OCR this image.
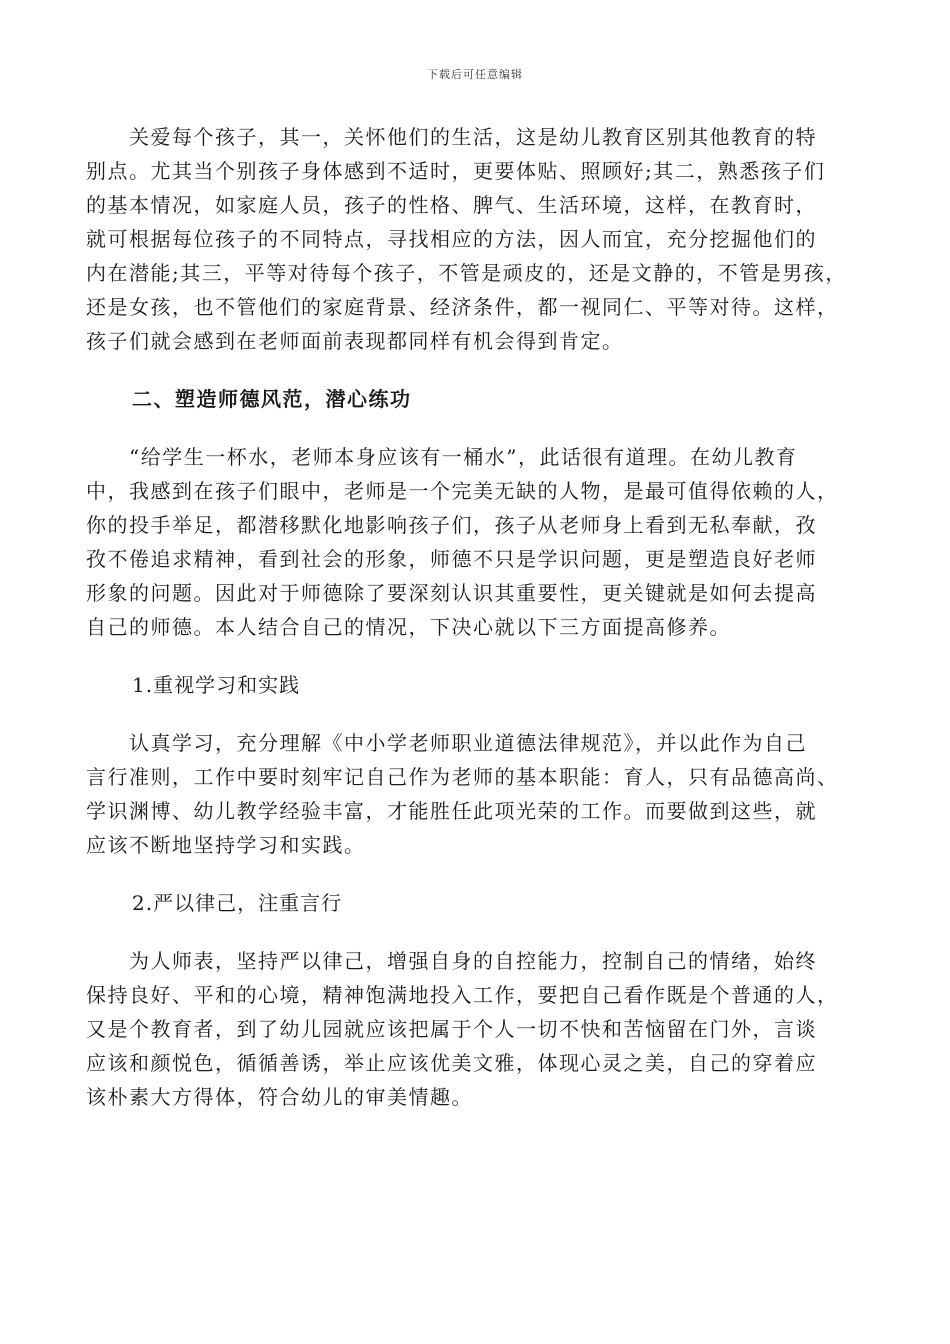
下载后可任意编辑

　　关爱每个孩子，其一，关怀他们的生活，这是幼儿教育区别其他教育的特
别点。尤其当个别孩子身体感到不适时，更要体贴、照顾好;其二，熟悉孩子们
的基本情况，如家庭人员，孩子的性格、脾气、生活环境，这样，在教育时，
就可根据每位孩子的不同特点，寻找相应的方法，因人而宜，充分挖掘他们的
内在潜能;其三，平等对待每个孩子，不管是顽皮的，还是文静的，不管是男孩，
还是女孩，也不管他们的家庭背景、经济条件，都一视同仁、平等对待。这样，
孩子们就会感到在老师面前表现都同样有机会得到肯定。

二、塑造师德风范，潜心练功

　　“给学生一杯水，老师本身应该有一桶水”，此话很有道理。在幼儿教育
中，我感到在孩子们眼中，老师是一个完美无缺的人物，是最可值得依赖的人，
你的投手举足，都潜移默化地影响孩子们，孩子从老师身上看到无私奉献，孜
孜不倦追求精神，看到社会的形象，师德不只是学识问题，更是塑造良好老师
形象的问题。因此对于师德除了要深刻认识其重要性，更关键就是如何去提高
自己的师德。本人结合自己的情况，下决心就以下三方面提高修养。

1.重视学习和实践

　　认真学习，充分理解《中小学老师职业道德法律规范》，并以此作为自己
言行准则，工作中要时刻牢记自己作为老师的基本职能：育人，只有品德高尚、
学识渊博、幼儿教学经验丰富，才能胜任此项光荣的工作。而要做到这些，就
应该不断地坚持学习和实践。

2.严以律己，注重言行

　　为人师表，坚持严以律己，增强自身的自控能力，控制自己的情绪，始终
保持良好、平和的心境，精神饱满地投入工作，要把自己看作既是个普通的人，
又是个教育者，到了幼儿园就应该把属于个人一切不快和苦恼留在门外，言谈
应该和颜悦色，循循善诱，举止应该优美文雅，体现心灵之美，自己的穿着应
该朴素大方得体，符合幼儿的审美情趣。
